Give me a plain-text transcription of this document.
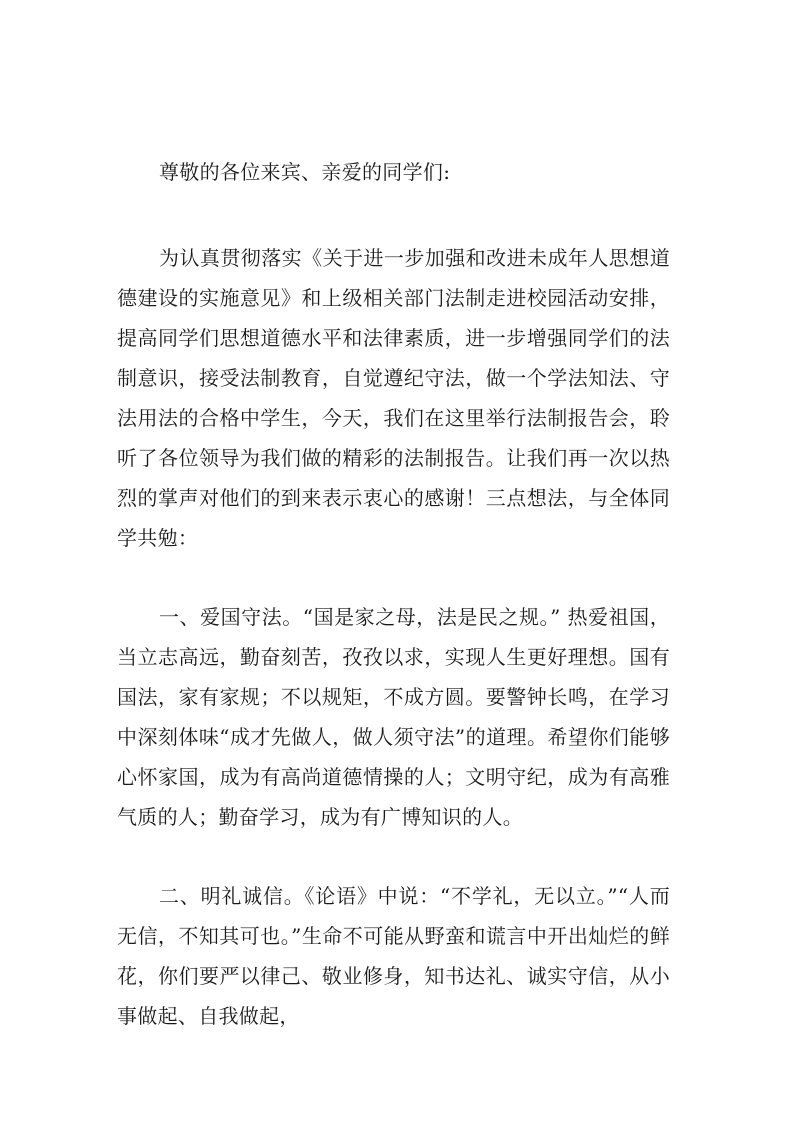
尊敬的各位来宾、亲爱的同学们:

为认真贯彻落实《关于进一步加强和改进未成年人思想道德建设的实施意见》和上级相关部门法制走进校园活动安排，提高同学们思想道德水平和法律素质，进一步增强同学们的法制意识，接受法制教育，自觉遵纪守法，做一个学法知法、守法用法的合格中学生，今天，我们在这里举行法制报告会，聆听了各位领导为我们做的精彩的法制报告。让我们再一次以热烈的掌声对他们的到来表示衷心的感谢！三点想法，与全体同学共勉：

一、爱国守法。“国是家之母，法是民之规。” 热爱祖国，当立志高远，勤奋刻苦，孜孜以求，实现人生更好理想。国有国法，家有家规；不以规矩，不成方圆。要警钟长鸣，在学习中深刻体味“成才先做人，做人须守法”的道理。希望你们能够心怀家国，成为有高尚道德情操的人；文明守纪，成为有高雅气质的人；勤奋学习，成为有广博知识的人。

二、明礼诚信。《论语》中说：“不学礼，无以立。”“人而无信，不知其可也。”生命不可能从野蛮和谎言中开出灿烂的鲜花，你们要严以律己、敬业修身，知书达礼、诚实守信，从小事做起、自我做起，
